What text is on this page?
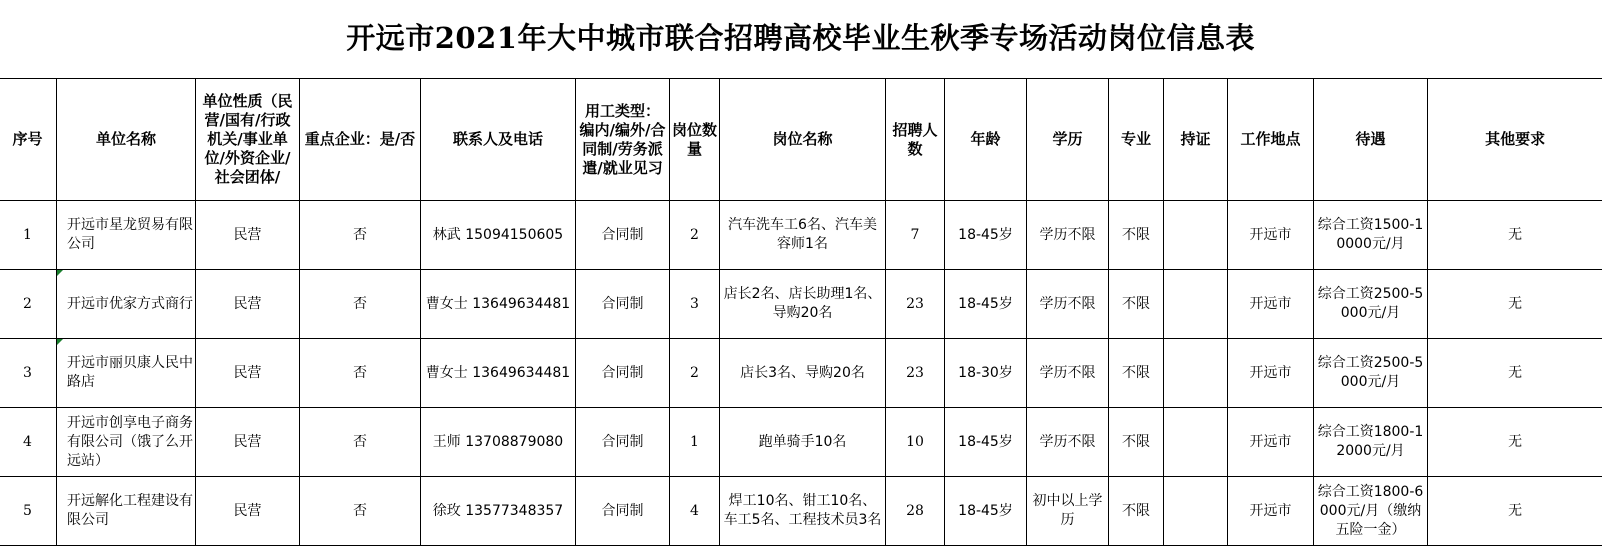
开远市2021年大中城市联合招聘高校毕业生秋季专场活动岗位信息表															
序号	单位名称	单位性质（民营/国有/行政机关/事业单位/外资企业/社会团体/	重点企业：是/否	联系人及电话	用工类型：编内/编外/合同制/劳务派遣/就业见习	岗位数量	岗位名称	招聘人数	年龄	学历	专业	持证	工作地点	待遇	其他要求
1	开远市星龙贸易有限公司	民营	否	林武 15094150605	合同制	2	汽车洗车工6名、汽车美容师1名	7	18-45岁	学历不限	不限		开远市	综合工资1500-10000元/月	无
2	开远市优家方式商行	民营	否	曹女士 13649634481	合同制	3	店长2名、店长助理1名、导购20名	23	18-45岁	学历不限	不限		开远市	综合工资2500-5000元/月	无
3	开远市丽贝康人民中路店	民营	否	曹女士 13649634481	合同制	2	店长3名、导购20名	23	18-30岁	学历不限	不限		开远市	综合工资2500-5000元/月	无
4	开远市创享电子商务有限公司（饿了么开远站）	民营	否	王师 13708879080	合同制	1	跑单骑手10名	10	18-45岁	学历不限	不限		开远市	综合工资1800-12000元/月	无
5	开远解化工程建设有限公司	民营	否	徐玫 13577348357	合同制	4	焊工10名、钳工10名、车工5名、工程技术员3名	28	18-45岁	初中以上学历	不限		开远市	综合工资1800-6000元/月（缴纳五险一金）	无
